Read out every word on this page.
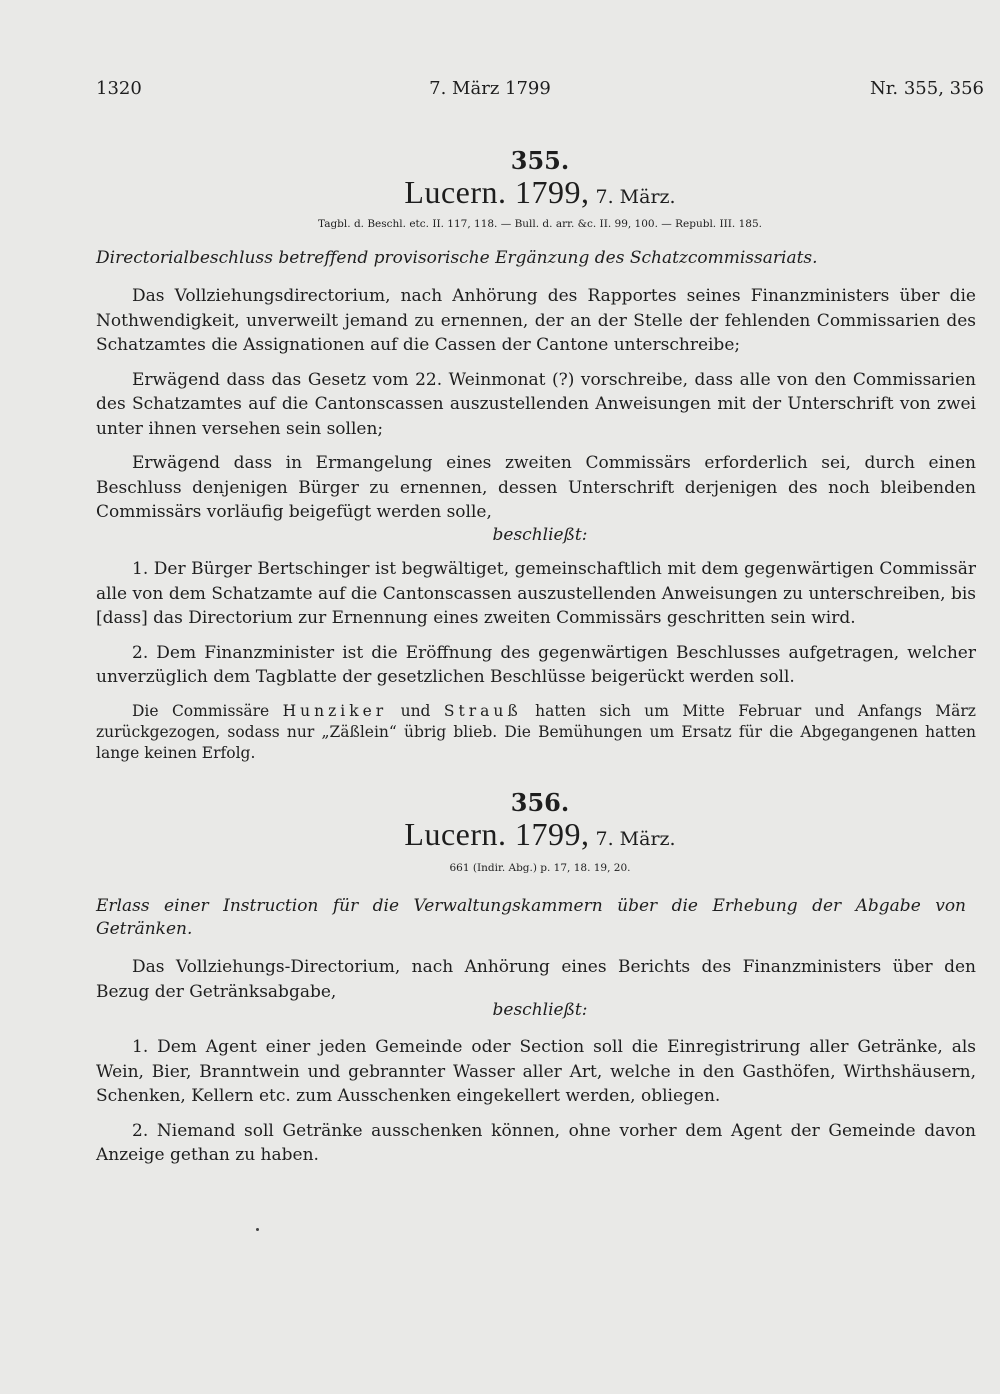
1320	7. März 1799	Nr. 355, 356
355.
Lucern. 1799, 7. März.
Tagbl. d. Beschl. etc. II. 117, 118. — Bull. d. arr. &c. II. 99, 100. — Republ. III. 185.
Directorialbeschluss betreffend provisorische Ergänzung des Schatzcommissariats.

Das Vollziehungsdirectorium, nach Anhörung des Rapportes seines Finanzministers über die Nothwendigkeit, unverweilt jemand zu ernennen, der an der Stelle der fehlenden Commissarien des Schatzamtes die Assignationen auf die Cassen der Cantone unterschreibe;

Erwägend dass das Gesetz vom 22. Weinmonat (?) vorschreibe, dass alle von den Commissarien des Schatzamtes auf die Cantonscassen auszustellenden Anweisungen mit der Unterschrift von zwei unter ihnen versehen sein sollen;

Erwägend dass in Ermangelung eines zweiten Commissärs erforderlich sei, durch einen Beschluss denjenigen Bürger zu ernennen, dessen Unterschrift derjenigen des noch bleibenden Commissärs vorläufig beigefügt werden solle,

beschließt:

1. Der Bürger Bertschinger ist begwältiget, gemeinschaftlich mit dem gegenwärtigen Commissär alle von dem Schatzamte auf die Cantonscassen auszustellenden Anweisungen zu unterschreiben, bis [dass] das Directorium zur Ernennung eines zweiten Commissärs geschritten sein wird.

2. Dem Finanzminister ist die Eröffnung des gegenwärtigen Beschlusses aufgetragen, welcher unverzüglich dem Tagblatte der gesetzlichen Beschlüsse beigerückt werden soll.

Die Commissäre Hunziker und Strauß hatten sich um Mitte Februar und Anfangs März zurückgezogen, sodass nur „Zäßlein“ übrig blieb. Die Bemühungen um Ersatz für die Abgegangenen hatten lange keinen Erfolg.

356.
Lucern. 1799, 7. März.
661 (Indir. Abg.) p. 17, 18. 19, 20.
Erlass einer Instruction für die Verwaltungskammern über die Erhebung der Abgabe von Getränken.

Das Vollziehungs-Directorium, nach Anhörung eines Berichts des Finanzministers über den Bezug der Getränksabgabe,

beschließt:

1. Dem Agent einer jeden Gemeinde oder Section soll die Einregistrirung aller Getränke, als Wein, Bier, Branntwein und gebrannter Wasser aller Art, welche in den Gasthöfen, Wirthshäusern, Schenken, Kellern etc. zum Ausschenken eingekellert werden, obliegen.

2. Niemand soll Getränke ausschenken können, ohne vorher dem Agent der Gemeinde davon Anzeige gethan zu haben.
